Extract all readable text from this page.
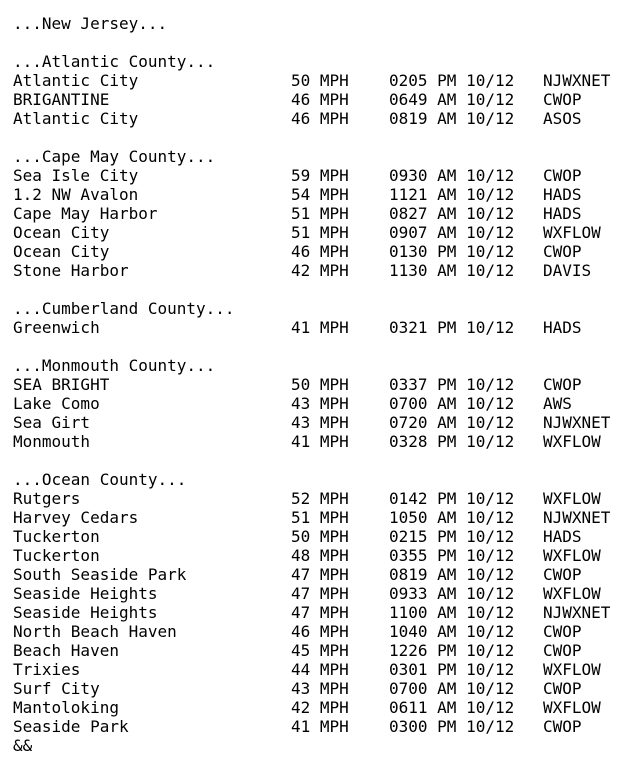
...New Jersey...
...Atlantic County...
Atlantic City	50 MPH	0205 PM 10/12 NJWXNET
BRIGANTINE	46 MPH	0649 AM 10/12 CWOP
Atlantic City	46 MPH	0819 AM 10/12 ASOS
...Cape May County...
Sea Isle City	59 MPH	0930 AM 10/12 CWOP
1.2 NW Avalon	54 MPH	1121 AM 10/12 HADS
Cape May Harbor	51 MPH	0827 AM 10/12 HADS
Ocean City	51 MPH	0907 AM 10/12 WXFLOW
Ocean City	46 MPH	0130 PM 10/12 CWOP
Stone Harbor	42 MPH	1130 AM 10/12 DAVIS
...Cumberland County...
Greenwich	41 MPH	0321 PM 10/12 HADS
...Monmouth County...
SEA BRIGHT	50 MPH	0337 PM 10/12 CWOP
Lake Como	43 MPH	0700 AM 10/12 AWS
Sea Girt	43 MPH	0720 AM 10/12 NJWXNET
Monmouth	41 MPH	0328 PM 10/12 WXFLOW
...Ocean County...
Rutgers	52 MPH	0142 PM 10/12 WXFLOW
Harvey Cedars	51 MPH	1050 AM 10/12 NJWXNET
Tuckerton	50 MPH	0215 PM 10/12 HADS
Tuckerton	48 MPH	0355 PM 10/12 WXFLOW
South Seaside Park	47 MPH	0819 AM 10/12 CWOP
Seaside Heights	47 MPH	0933 AM 10/12 WXFLOW
Seaside Heights	47 MPH	1100 AM 10/12 NJWXNET
North Beach Haven	46 MPH	1040 AM 10/12 CWOP
Beach Haven	45 MPH	1226 PM 10/12 CWOP
Trixies	44 MPH	0301 PM 10/12 WXFLOW
Surf City	43 MPH	0700 AM 10/12 CWOP
Mantoloking	42 MPH	0611 AM 10/12 WXFLOW
Seaside Park	41 MPH	0300 PM 10/12 CWOP
&&
